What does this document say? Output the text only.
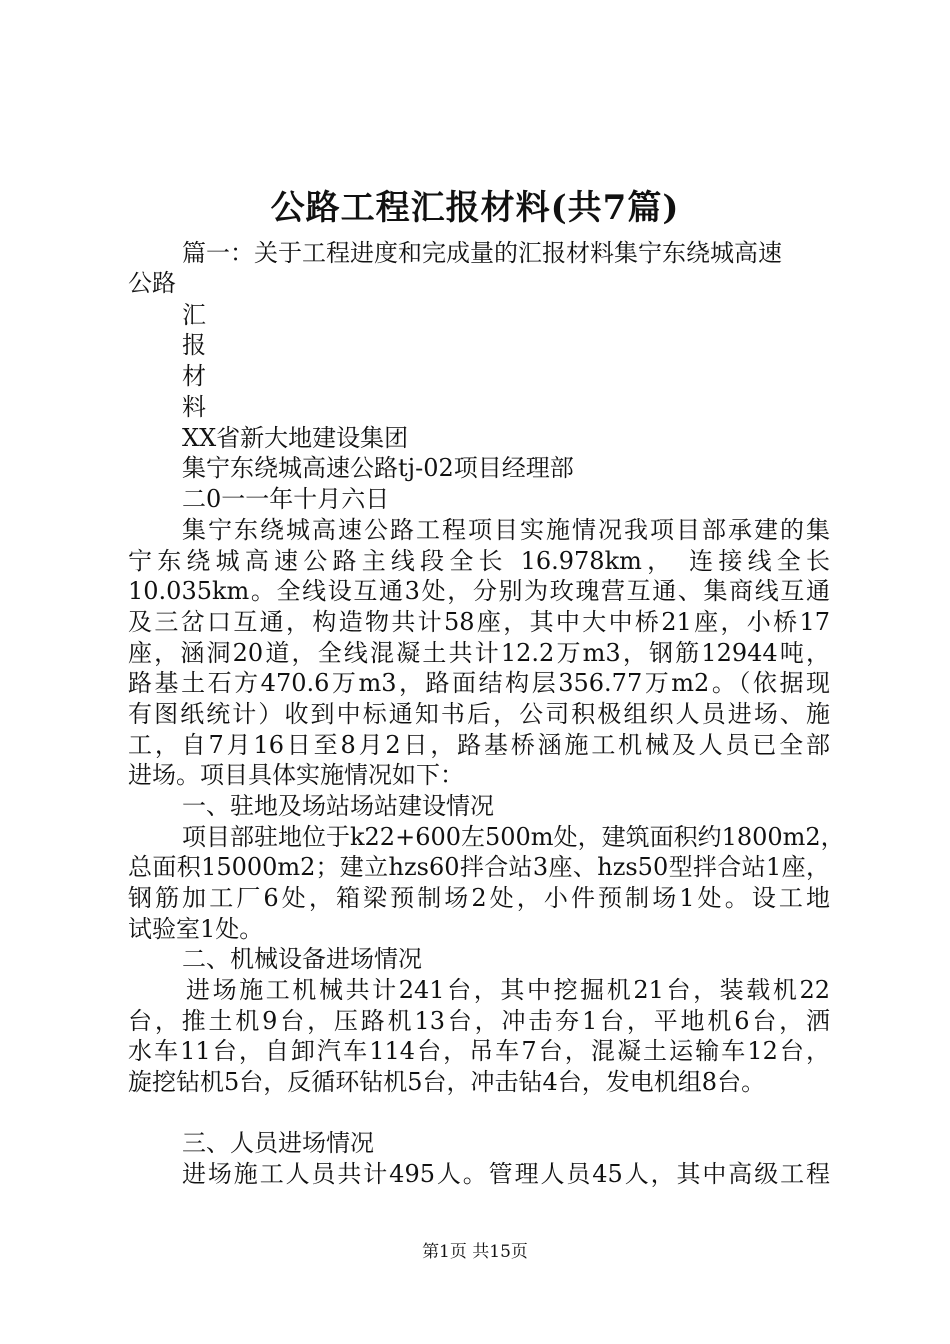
公路工程汇报材料(共7篇)
篇一：关于工程进度和完成量的汇报材料集宁东绕城高速
公路
汇
报
材
料
XX省新大地建设集团
集宁东绕城高速公路tj-02项目经理部
二0一一年十月六日
集宁东绕城高速公路工程项目实施情况我项目部承建的集
宁东绕城高速公路主线段全长 16.978km， 连接线全长
10.035km。全线设互通3处，分别为玫瑰营互通、集商线互通
及三岔口互通，构造物共计58座，其中大中桥21座，小桥17
座，涵洞20道，全线混凝土共计12.2万m3，钢筋12944吨，
路基土石方470.6万m3，路面结构层356.77万m2。（依据现
有图纸统计）收到中标通知书后，公司积极组织人员进场、施
工，自7月16日至8月2日，路基桥涵施工机械及人员已全部
进场。项目具体实施情况如下：
一、驻地及场站场站建设情况
项目部驻地位于k22+600左500m处，建筑面积约1800m2，
总面积15000m2；建立hzs60拌合站3座、hzs50型拌合站1座，
钢筋加工厂6处，箱梁预制场2处，小件预制场1处。设工地
试验室1处。
二、机械设备进场情况
进场施工机械共计241台，其中挖掘机21台，装载机22
台，推土机9台，压路机13台，冲击夯1台，平地机6台，洒
水车11台，自卸汽车114台，吊车7台，混凝土运输车12台，
旋挖钻机5台，反循环钻机5台，冲击钻4台，发电机组8台。
三、人员进场情况
进场施工人员共计495人。管理人员45人，其中高级工程
第1页 共15页
